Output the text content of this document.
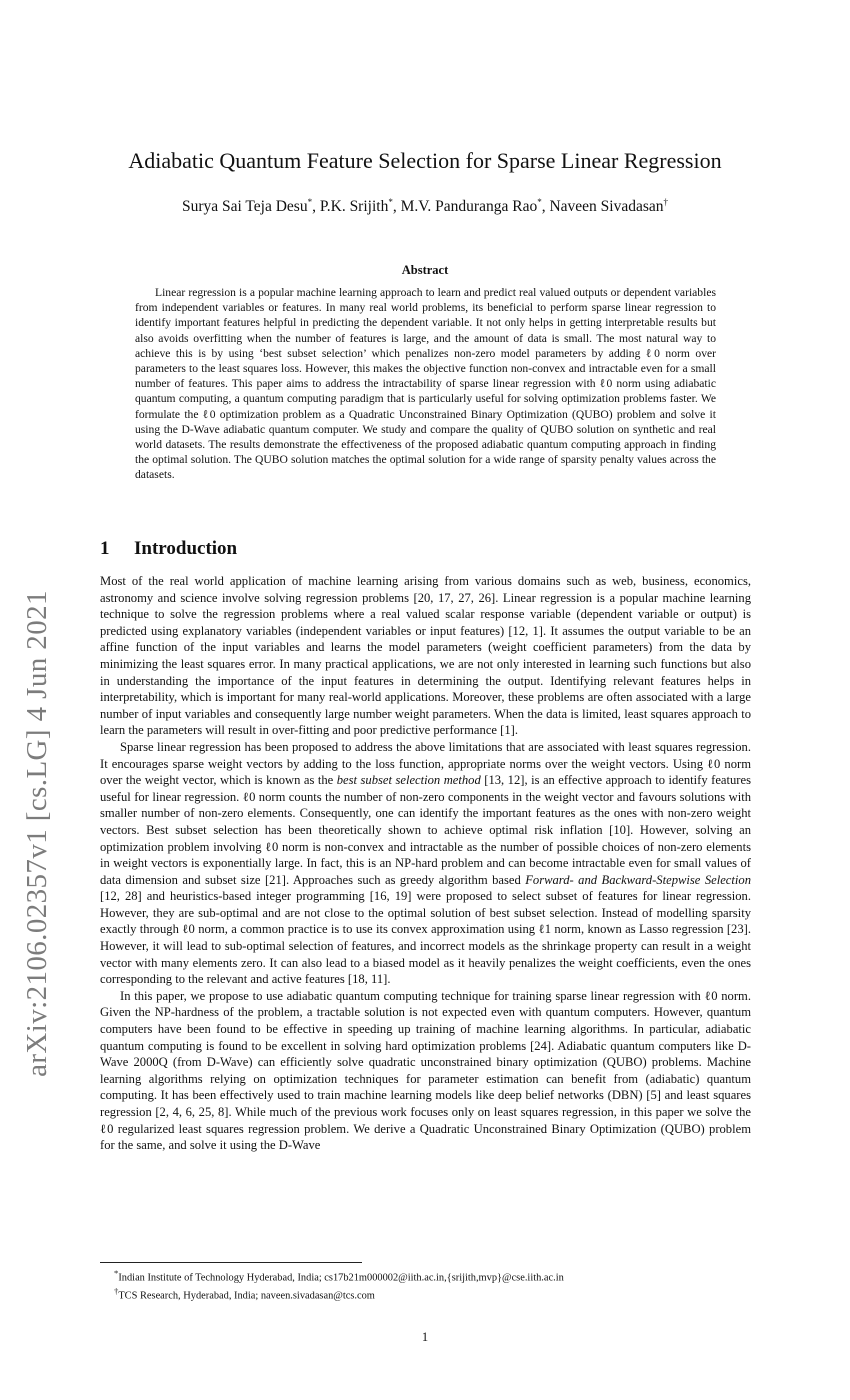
arXiv:2106.02357v1 [cs.LG] 4 Jun 2021
Adiabatic Quantum Feature Selection for Sparse Linear Regression
Surya Sai Teja Desu*, P.K. Srijith*, M.V. Panduranga Rao*, Naveen Sivadasan†
Abstract

Linear regression is a popular machine learning approach to learn and predict real valued outputs or dependent variables from independent variables or features. In many real world problems, its beneficial to perform sparse linear regression to identify important features helpful in predicting the dependent variable. It not only helps in getting interpretable results but also avoids overfitting when the number of features is large, and the amount of data is small. The most natural way to achieve this is by using ‘best subset selection’ which penalizes non-zero model parameters by adding ℓ0 norm over parameters to the least squares loss. However, this makes the objective function non-convex and intractable even for a small number of features. This paper aims to address the intractability of sparse linear regression with ℓ0 norm using adiabatic quantum computing, a quantum computing paradigm that is particularly useful for solving optimization problems faster. We formulate the ℓ0 optimization problem as a Quadratic Unconstrained Binary Optimization (QUBO) problem and solve it using the D-Wave adiabatic quantum computer. We study and compare the quality of QUBO solution on synthetic and real world datasets. The results demonstrate the effectiveness of the proposed adiabatic quantum computing approach in finding the optimal solution. The QUBO solution matches the optimal solution for a wide range of sparsity penalty values across the datasets.

1 Introduction

Most of the real world application of machine learning arising from various domains such as web, business, economics, astronomy and science involve solving regression problems [20, 17, 27, 26]. Linear regression is a popular machine learning technique to solve the regression problems where a real valued scalar response variable (dependent variable or output) is predicted using explanatory variables (independent variables or input features) [12, 1]. It assumes the output variable to be an affine function of the input variables and learns the model parameters (weight coefficient parameters) from the data by minimizing the least squares error. In many practical applications, we are not only interested in learning such functions but also in understanding the importance of the input features in determining the output. Identifying relevant features helps in interpretability, which is important for many real-world applications. Moreover, these problems are often associated with a large number of input variables and consequently large number weight parameters. When the data is limited, least squares approach to learn the parameters will result in over-fitting and poor predictive performance [1].

Sparse linear regression has been proposed to address the above limitations that are associated with least squares regression. It encourages sparse weight vectors by adding to the loss function, appropriate norms over the weight vectors. Using ℓ0 norm over the weight vector, which is known as the best subset selection method [13, 12], is an effective approach to identify features useful for linear regression. ℓ0 norm counts the number of non-zero components in the weight vector and favours solutions with smaller number of non-zero elements. Consequently, one can identify the important features as the ones with non-zero weight vectors. Best subset selection has been theoretically shown to achieve optimal risk inflation [10]. However, solving an optimization problem involving ℓ0 norm is non-convex and intractable as the number of possible choices of non-zero elements in weight vectors is exponentially large. In fact, this is an NP-hard problem and can become intractable even for small values of data dimension and subset size [21]. Approaches such as greedy algorithm based Forward- and Backward-Stepwise Selection [12, 28] and heuristics-based integer programming [16, 19] were proposed to select subset of features for linear regression. However, they are sub-optimal and are not close to the optimal solution of best subset selection. Instead of modelling sparsity exactly through ℓ0 norm, a common practice is to use its convex approximation using ℓ1 norm, known as Lasso regression [23]. However, it will lead to sub-optimal selection of features, and incorrect models as the shrinkage property can result in a weight vector with many elements zero. It can also lead to a biased model as it heavily penalizes the weight coefficients, even the ones corresponding to the relevant and active features [18, 11].

In this paper, we propose to use adiabatic quantum computing technique for training sparse linear regression with ℓ0 norm. Given the NP-hardness of the problem, a tractable solution is not expected even with quantum computers. However, quantum computers have been found to be effective in speeding up training of machine learning algorithms. In particular, adiabatic quantum computing is found to be excellent in solving hard optimization problems [24]. Adiabatic quantum computers like D-Wave 2000Q (from D-Wave) can efficiently solve quadratic unconstrained binary optimization (QUBO) problems. Machine learning algorithms relying on optimization techniques for parameter estimation can benefit from (adiabatic) quantum computing. It has been effectively used to train machine learning models like deep belief networks (DBN) [5] and least squares regression [2, 4, 6, 25, 8]. While much of the previous work focuses only on least squares regression, in this paper we solve the ℓ0 regularized least squares regression problem. We derive a Quadratic Unconstrained Binary Optimization (QUBO) problem for the same, and solve it using the D-Wave

*Indian Institute of Technology Hyderabad, India; cs17b21m000002@iith.ac.in,{srijith,mvp}@cse.iith.ac.in
†TCS Research, Hyderabad, India; naveen.sivadasan@tcs.com
1
